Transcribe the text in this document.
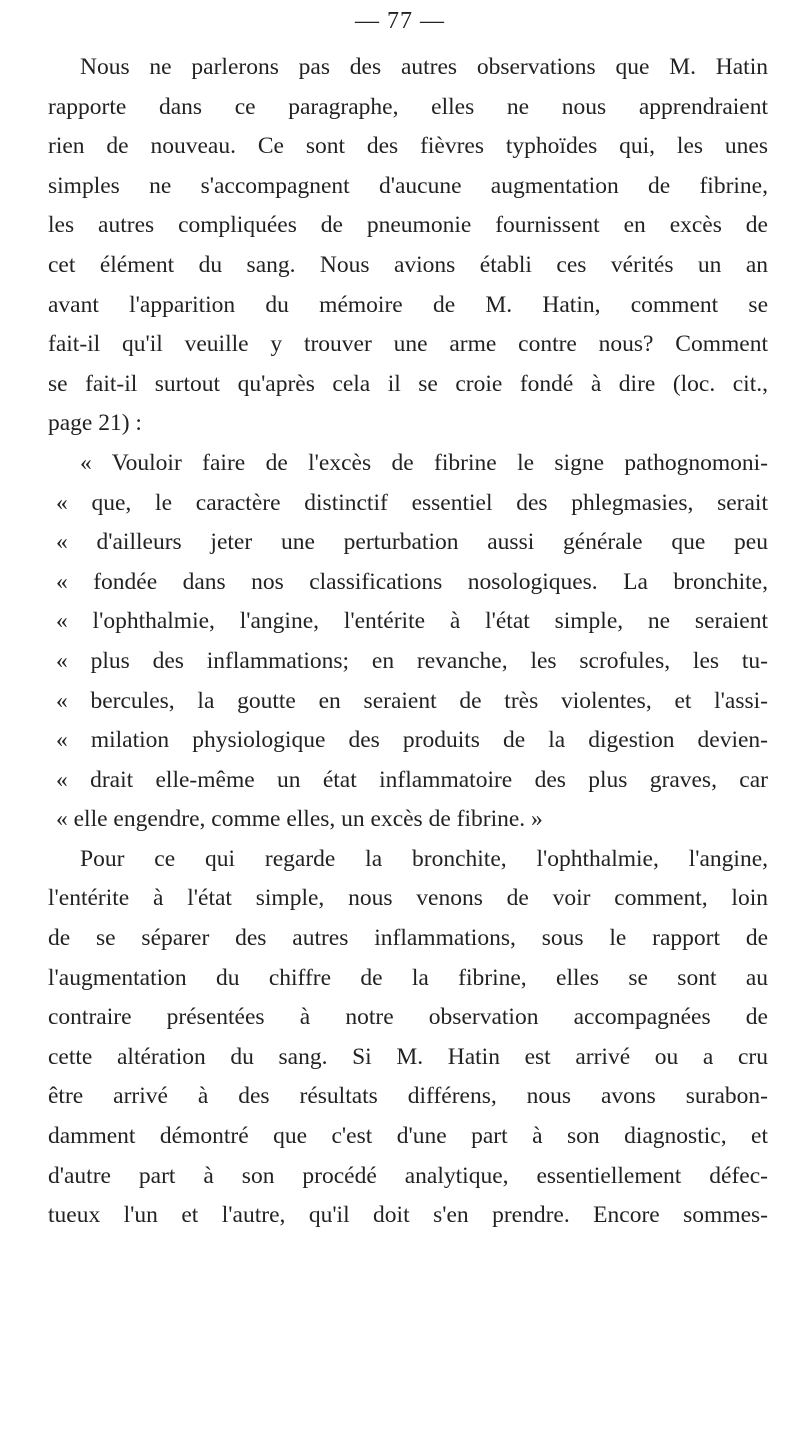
— 77 —
Nous ne parlerons pas des autres observations que M. Hatin
rapporte dans ce paragraphe, elles ne nous apprendraient
rien de nouveau. Ce sont des fièvres typhoïdes qui, les unes
simples ne s'accompagnent d'aucune augmentation de fibrine,
les autres compliquées de pneumonie fournissent en excès de
cet élément du sang. Nous avions établi ces vérités un an
avant l'apparition du mémoire de M. Hatin, comment se
fait-il qu'il veuille y trouver une arme contre nous? Comment
se fait-il surtout qu'après cela il se croie fondé à dire (loc. cit.,
page 21) :
« Vouloir faire de l'excès de fibrine le signe pathognomoni-
« que, le caractère distinctif essentiel des phlegmasies, serait
« d'ailleurs jeter une perturbation aussi générale que peu
« fondée dans nos classifications nosologiques. La bronchite,
« l'ophthalmie, l'angine, l'entérite à l'état simple, ne seraient
« plus des inflammations; en revanche, les scrofules, les tu-
« bercules, la goutte en seraient de très violentes, et l'assi-
« milation physiologique des produits de la digestion devien-
« drait elle-même un état inflammatoire des plus graves, car
« elle engendre, comme elles, un excès de fibrine. »
Pour ce qui regarde la bronchite, l'ophthalmie, l'angine,
l'entérite à l'état simple, nous venons de voir comment, loin
de se séparer des autres inflammations, sous le rapport de
l'augmentation du chiffre de la fibrine, elles se sont au
contraire présentées à notre observation accompagnées de
cette altération du sang. Si M. Hatin est arrivé ou a cru
être arrivé à des résultats différens, nous avons surabon-
damment démontré que c'est d'une part à son diagnostic, et
d'autre part à son procédé analytique, essentiellement défec-
tueux l'un et l'autre, qu'il doit s'en prendre. Encore sommes-
